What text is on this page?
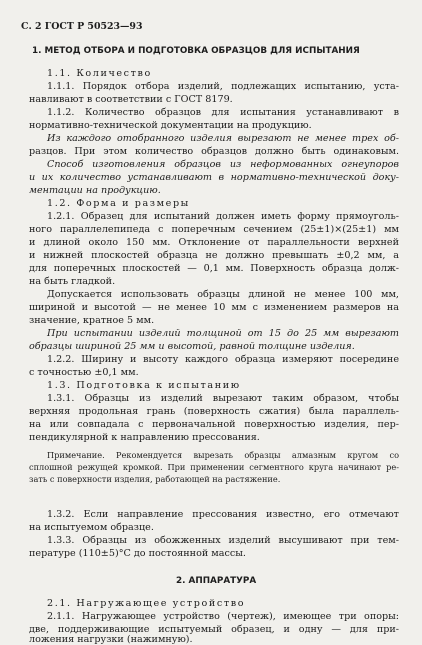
С. 2 ГОСТ Р 50523—93
1. МЕТОД ОТБОРА И ПОДГОТОВКА ОБРАЗЦОВ ДЛЯ ИСПЫТАНИЯ
1.1. Количество
1.1.1. Порядок отбора изделий, подлежащих испытанию, уста-
навливают в соответствии с ГОСТ 8179.
1.1.2. Количество образцов для испытания устанавливают в
нормативно-технической документации на продукцию.
Из каждого отобранного изделия вырезают не менее трех об-
разцов. При этом количество образцов должно быть одинаковым.
Способ изготовления образцов из неформованных огнеупоров
и их количество устанавливают в нормативно-технической доку-
ментации на продукцию.
1.2. Форма и размеры
1.2.1. Образец для испытаний должен иметь форму прямоуголь-
ного параллелепипеда с поперечным сечением (25±1)×(25±1) мм
и длиной около 150 мм. Отклонение от параллельности верхней
и нижней плоскостей образца не должно превышать ±0,2 мм, а
для поперечных плоскостей — 0,1 мм. Поверхность образца долж-
на быть гладкой.
Допускается использовать образцы длиной не менее 100 мм,
шириной и высотой — не менее 10 мм с изменением размеров на
значение, кратное 5 мм.
При испытании изделий толщиной от 15 до 25 мм вырезают
образцы шириной 25 мм и высотой, равной толщине изделия.
1.2.2. Ширину и высоту каждого образца измеряют посередине
с точностью ±0,1 мм.
1.3. Подготовка к испытанию
1.3.1. Образцы из изделий вырезают таким образом, чтобы
верхняя продольная грань (поверхность сжатия) была параллель-
на или совпадала с первоначальной поверхностью изделия, пер-
пендикулярной к направлению прессования.
Примечание. Рекомендуется вырезать образцы алмазным кругом со
сплошной режущей кромкой. При применении сегментного круга начинают ре-
зать с поверхности изделия, работающей на растяжение.
1.3.2. Если направление прессования известно, его отмечают
на испытуемом образце.
1.3.3. Образцы из обожженных изделий высушивают при тем-
пературе (110±5)°С до постоянной массы.
2. АППАРАТУРА
2.1. Нагружающее устройство
2.1.1. Нагружающее устройство (чертеж), имеющее три опоры:
две, поддерживающие испытуемый образец, и одну — для при-
ложения нагрузки (нажимную).
